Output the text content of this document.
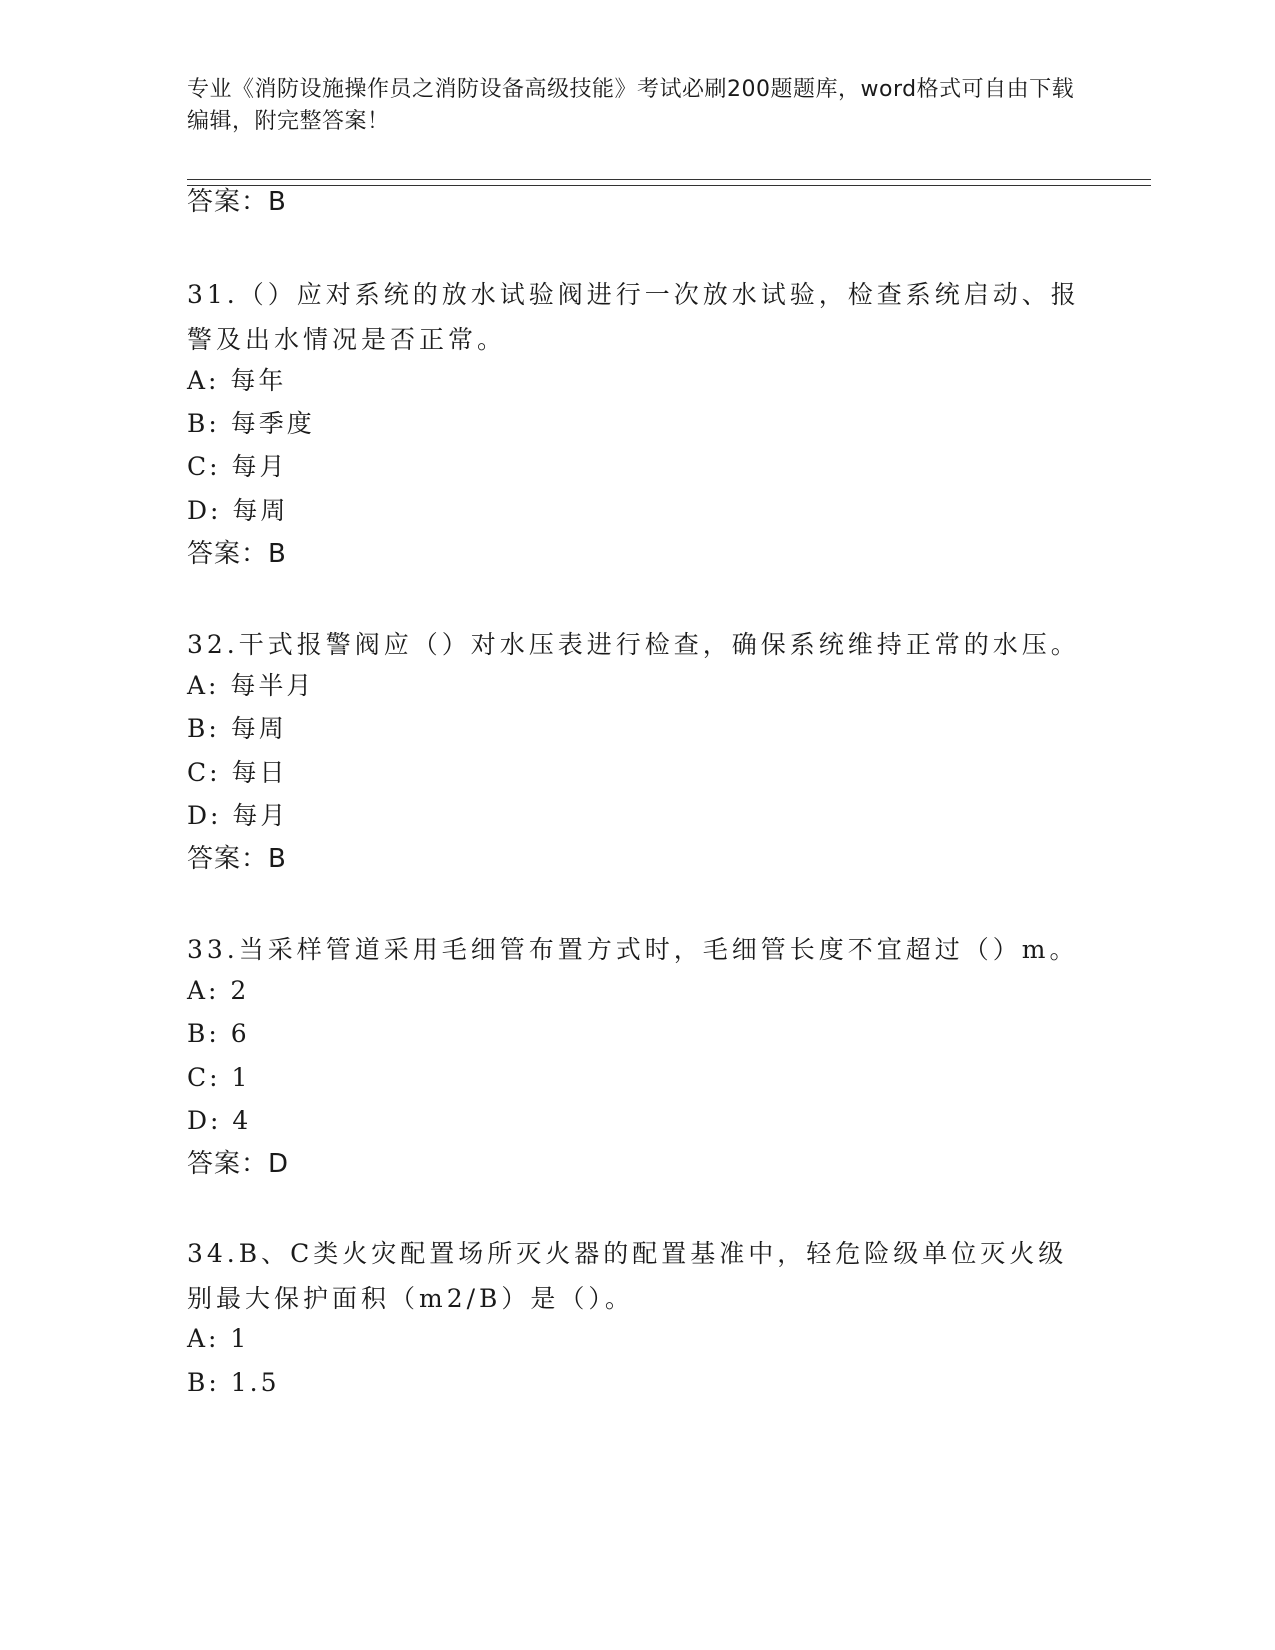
专业《消防设施操作员之消防设备高级技能》考试必刷200题题库，word格式可自由下载编辑，附完整答案！
答案：B
31.（）应对系统的放水试验阀进行一次放水试验，检查系统启动、报警及出水情况是否正常。
A: 每年
B: 每季度
C: 每月
D: 每周
答案：B
32.干式报警阀应（）对水压表进行检查，确保系统维持正常的水压。
A: 每半月
B: 每周
C: 每日
D: 每月
答案：B
33.当采样管道采用毛细管布置方式时，毛细管长度不宜超过（）m。
A: 2
B: 6
C: 1
D: 4
答案：D
34.B、C类火灾配置场所灭火器的配置基准中，轻危险级单位灭火级别最大保护面积（m2/B）是（）。
A: 1
B: 1.5
